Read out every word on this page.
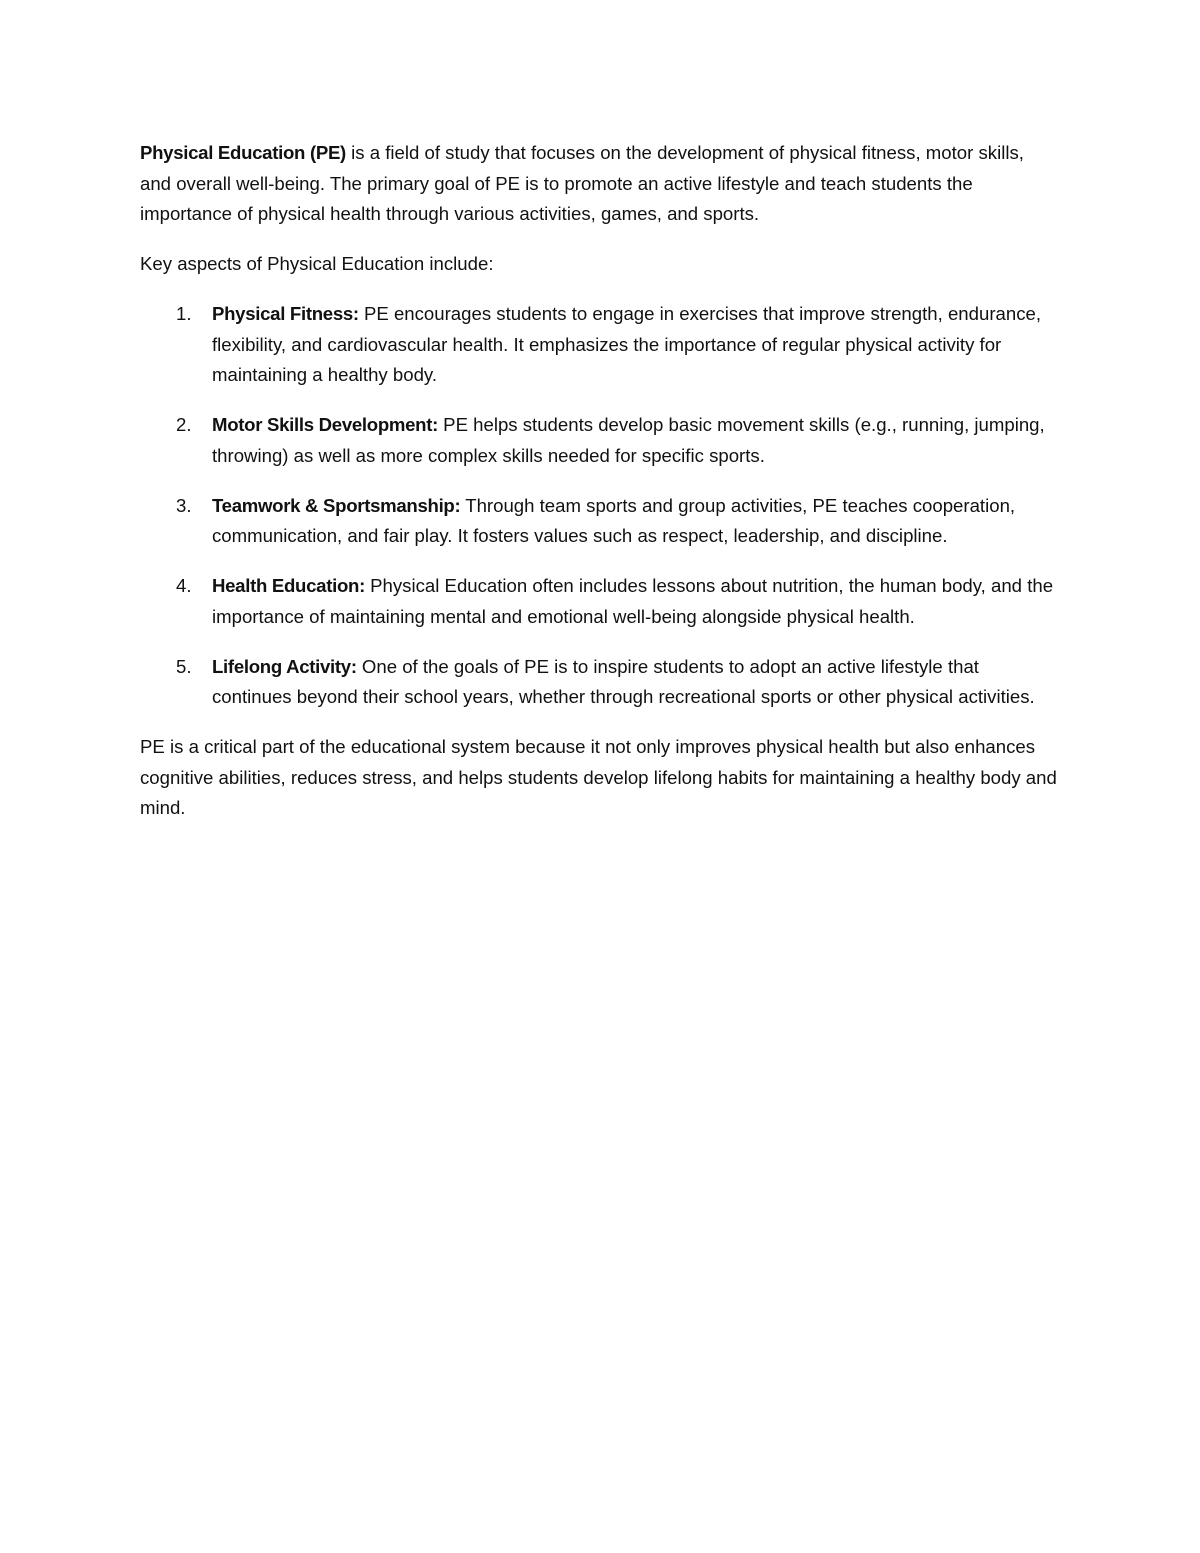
Physical Education (PE) is a field of study that focuses on the development of physical fitness, motor skills, and overall well-being. The primary goal of PE is to promote an active lifestyle and teach students the importance of physical health through various activities, games, and sports.

Key aspects of Physical Education include:

1. Physical Fitness: PE encourages students to engage in exercises that improve strength, endurance, flexibility, and cardiovascular health. It emphasizes the importance of regular physical activity for maintaining a healthy body.
2. Motor Skills Development: PE helps students develop basic movement skills (e.g., running, jumping, throwing) as well as more complex skills needed for specific sports.
3. Teamwork & Sportsmanship: Through team sports and group activities, PE teaches cooperation, communication, and fair play. It fosters values such as respect, leadership, and discipline.
4. Health Education: Physical Education often includes lessons about nutrition, the human body, and the importance of maintaining mental and emotional well-being alongside physical health.
5. Lifelong Activity: One of the goals of PE is to inspire students to adopt an active lifestyle that continues beyond their school years, whether through recreational sports or other physical activities.

PE is a critical part of the educational system because it not only improves physical health but also enhances cognitive abilities, reduces stress, and helps students develop lifelong habits for maintaining a healthy body and mind.
